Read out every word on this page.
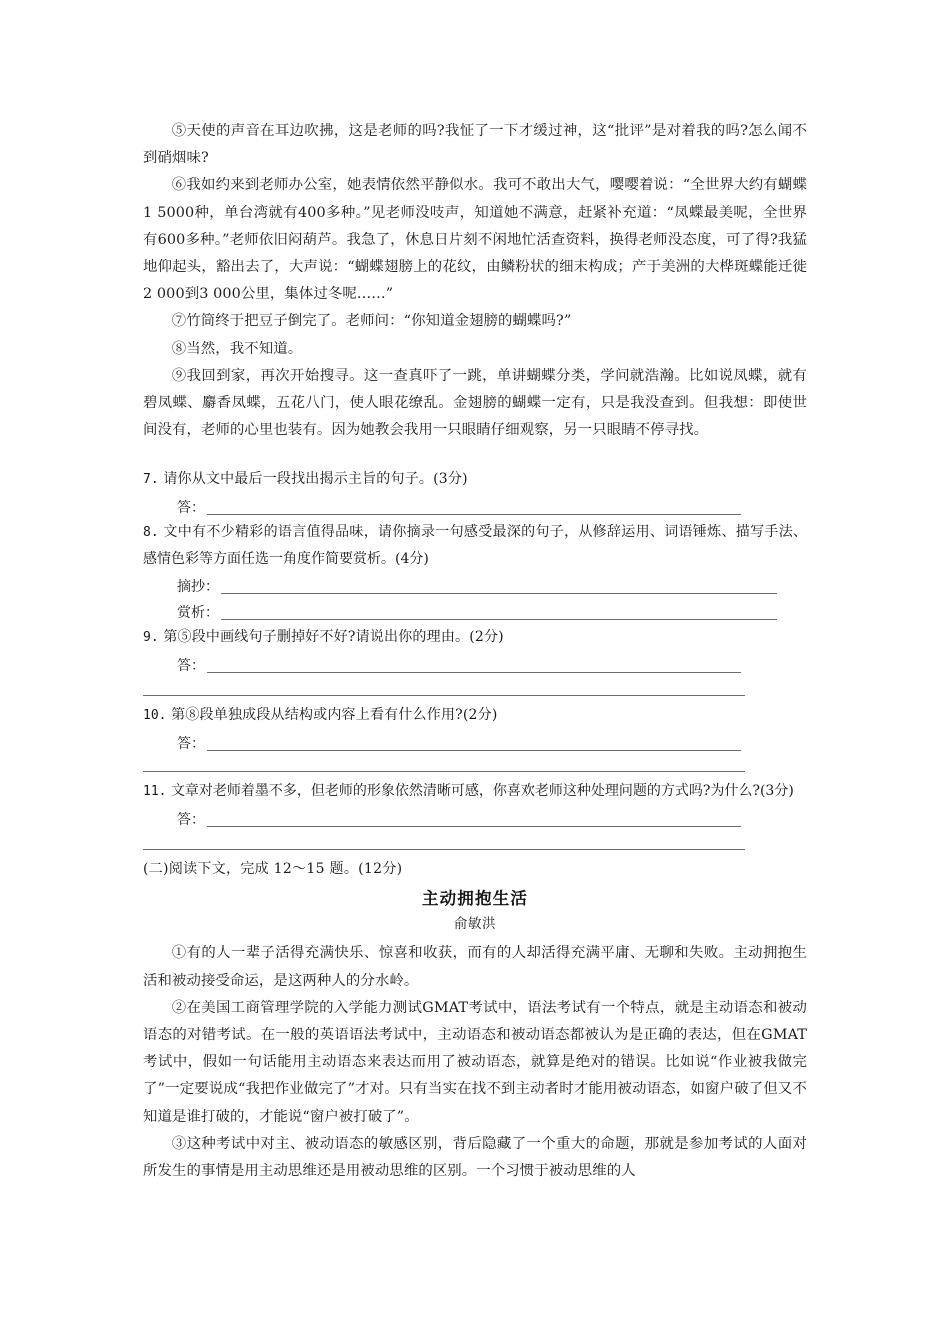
⑤天使的声音在耳边吹拂，这是老师的吗?我怔了一下才缓过神，这“批评”是对着我的吗?怎么闻不到硝烟味?

⑥我如约来到老师办公室，她表情依然平静似水。我可不敢出大气，嘤嘤着说：“全世界大约有蝴蝶1 5000种，单台湾就有400多种。”见老师没吱声，知道她不满意，赶紧补充道：“凤蝶最美呢，全世界有600多种。”老师依旧闷葫芦。我急了，休息日片刻不闲地忙活查资料，换得老师没态度，可了得?我猛地仰起头，豁出去了，大声说：“蝴蝶翅膀上的花纹，由鳞粉状的细末构成；产于美洲的大桦斑蝶能迁徙2 000到3 000公里，集体过冬呢……”

⑦竹筒终于把豆子倒完了。老师问：“你知道金翅膀的蝴蝶吗?”

⑧当然，我不知道。

⑨我回到家，再次开始搜寻。这一查真吓了一跳，单讲蝴蝶分类，学问就浩瀚。比如说凤蝶，就有碧凤蝶、麝香凤蝶，五花八门，使人眼花缭乱。金翅膀的蝴蝶一定有，只是我没查到。但我想：即使世间没有，老师的心里也装有。因为她教会我用一只眼睛仔细观察，另一只眼睛不停寻找。

7. 请你从文中最后一段找出揭示主旨的句子。(3分)
答：
8. 文中有不少精彩的语言值得品味，请你摘录一句感受最深的句子，从修辞运用、词语锤炼、描写手法、感情色彩等方面任选一角度作简要赏析。(4分)
摘抄：
赏析：
9. 第⑤段中画线句子删掉好不好?请说出你的理由。(2分)
答：
10. 第⑧段单独成段从结构或内容上看有什么作用?(2分)
答：
11. 文章对老师着墨不多，但老师的形象依然清晰可感，你喜欢老师这种处理问题的方式吗?为什么?(3分)
答：
(二)阅读下文，完成 12～15 题。(12分)
主动拥抱生活
俞敏洪

①有的人一辈子活得充满快乐、惊喜和收获，而有的人却活得充满平庸、无聊和失败。主动拥抱生活和被动接受命运，是这两种人的分水岭。

②在美国工商管理学院的入学能力测试GMAT考试中，语法考试有一个特点，就是主动语态和被动语态的对错考试。在一般的英语语法考试中，主动语态和被动语态都被认为是正确的表达，但在GMAT考试中，假如一句话能用主动语态来表达而用了被动语态，就算是绝对的错误。比如说“作业被我做完了”一定要说成“我把作业做完了”才对。只有当实在找不到主动者时才能用被动语态，如窗户破了但又不知道是谁打破的，才能说“窗户被打破了”。

③这种考试中对主、被动语态的敏感区别，背后隐藏了一个重大的命题，那就是参加考试的人面对所发生的事情是用主动思维还是用被动思维的区别。一个习惯于被动思维的人
